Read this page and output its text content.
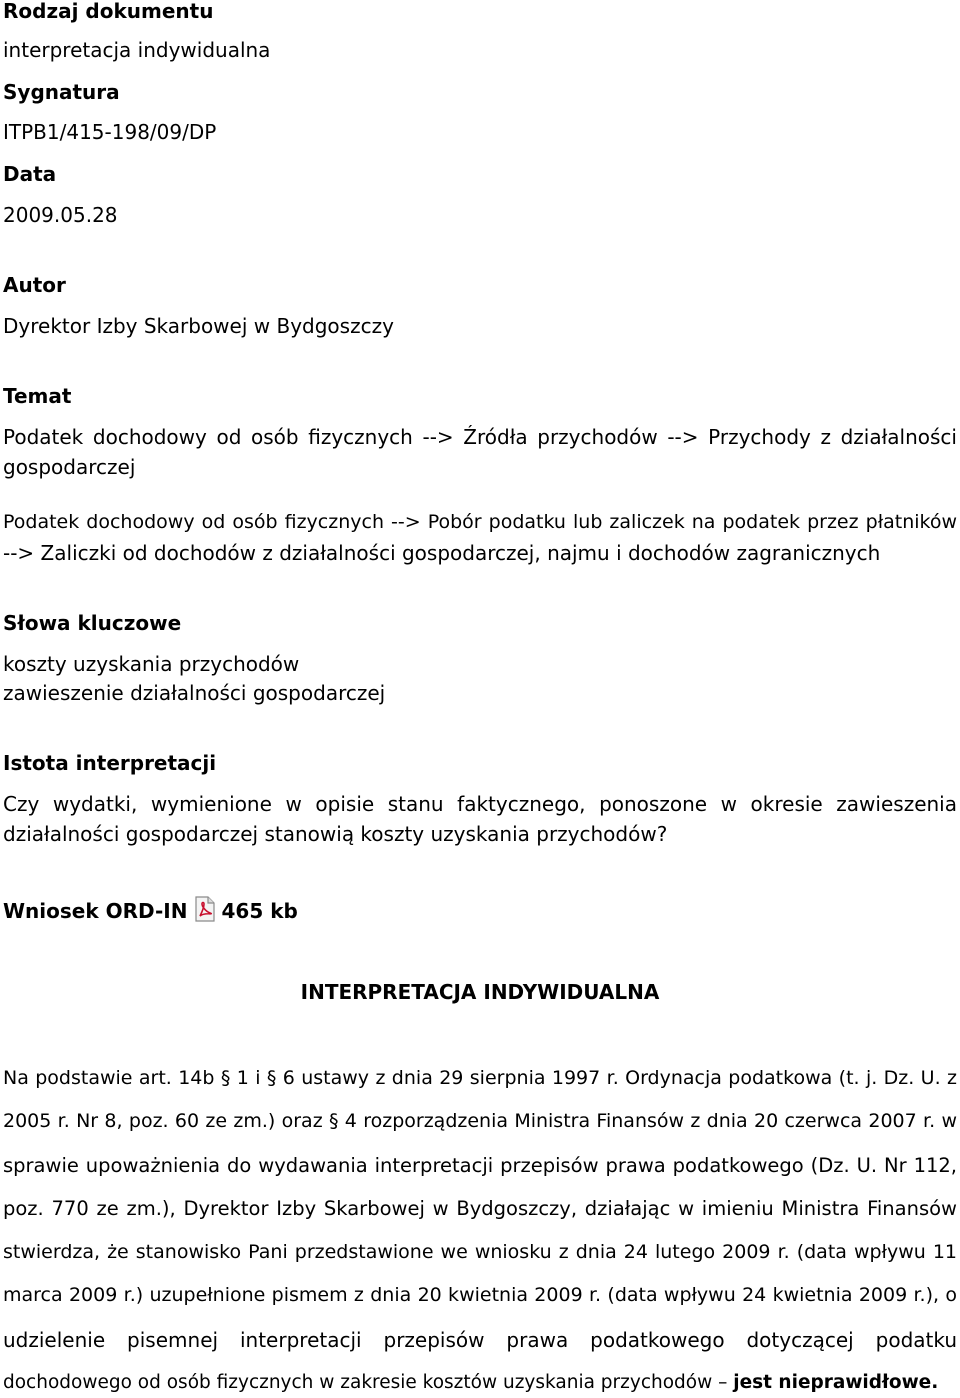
Rodzaj dokumentu
interpretacja indywidualna
Sygnatura
ITPB1/415-198/09/DP
Data
2009.05.28
Autor
Dyrektor Izby Skarbowej w Bydgoszczy
Temat
Podatek dochodowy od osób fizycznych --> Źródła przychodów --> Przychody z działalności
gospodarczej
Podatek dochodowy od osób fizycznych --> Pobór podatku lub zaliczek na podatek przez płatników
--> Zaliczki od dochodów z działalności gospodarczej, najmu i dochodów zagranicznych
Słowa kluczowe
koszty uzyskania przychodów
zawieszenie działalności gospodarczej
Istota interpretacji
Czy wydatki, wymienione w opisie stanu faktycznego, ponoszone w okresie zawieszenia
działalności gospodarczej stanowią koszty uzyskania przychodów?
Wniosek ORD-IN 465 kb
INTERPRETACJA INDYWIDUALNA
Na podstawie art. 14b § 1 i § 6 ustawy z dnia 29 sierpnia 1997 r. Ordynacja podatkowa (t. j. Dz. U. z
2005 r. Nr 8, poz. 60 ze zm.) oraz § 4 rozporządzenia Ministra Finansów z dnia 20 czerwca 2007 r. w
sprawie upoważnienia do wydawania interpretacji przepisów prawa podatkowego (Dz. U. Nr 112,
poz. 770 ze zm.), Dyrektor Izby Skarbowej w Bydgoszczy, działając w imieniu Ministra Finansów
stwierdza, że stanowisko Pani przedstawione we wniosku z dnia 24 lutego 2009 r. (data wpływu 11
marca 2009 r.) uzupełnione pismem z dnia 20 kwietnia 2009 r. (data wpływu 24 kwietnia 2009 r.), o
udzielenie pisemnej interpretacji przepisów prawa podatkowego dotyczącej podatku
dochodowego od osób fizycznych w zakresie kosztów uzyskania przychodów – jest nieprawidłowe.
